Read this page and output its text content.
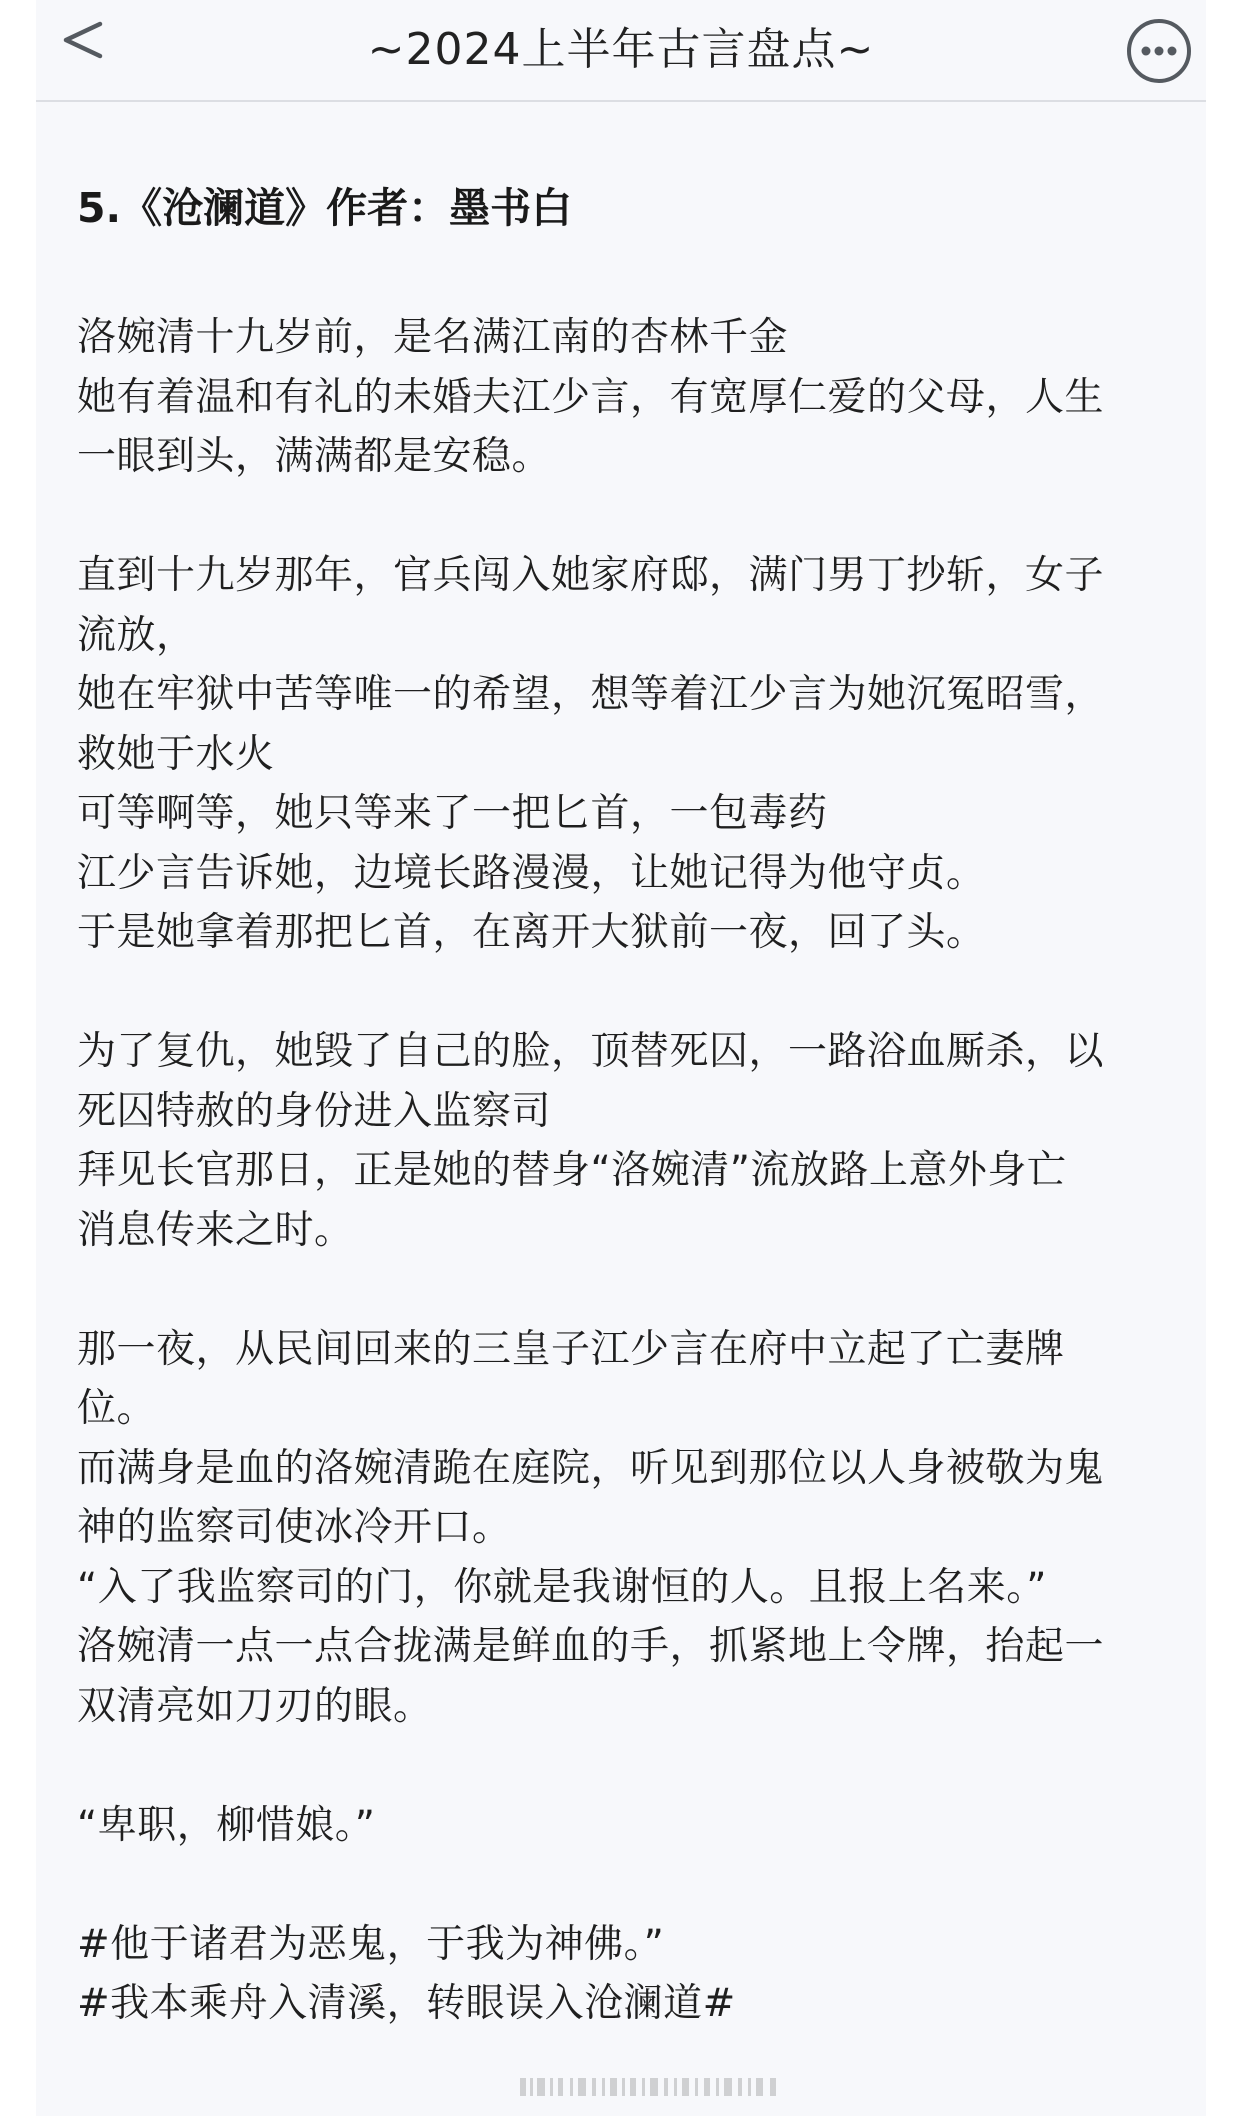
~2024上半年古言盘点~
5.《沧澜道》作者：墨书白
洛婉清十九岁前，是名满江南的杏林千金
她有着温和有礼的未婚夫江少言，有宽厚仁爱的父母，人生
一眼到头，满满都是安稳。
直到十九岁那年，官兵闯入她家府邸，满门男丁抄斩，女子
流放，
她在牢狱中苦等唯一的希望，想等着江少言为她沉冤昭雪，
救她于水火
可等啊等，她只等来了一把匕首，一包毒药
江少言告诉她，边境长路漫漫，让她记得为他守贞。
于是她拿着那把匕首，在离开大狱前一夜，回了头。
为了复仇，她毁了自己的脸，顶替死囚，一路浴血厮杀，以
死囚特赦的身份进入监察司
拜见长官那日，正是她的替身“洛婉清”流放路上意外身亡
消息传来之时。
那一夜，从民间回来的三皇子江少言在府中立起了亡妻牌
位。
而满身是血的洛婉清跪在庭院，听见到那位以人身被敬为鬼
神的监察司使冰冷开口。
“入了我监察司的门，你就是我谢恒的人。且报上名来。”
洛婉清一点一点合拢满是鲜血的手，抓紧地上令牌，抬起一
双清亮如刀刃的眼。
“卑职，柳惜娘。”
#他于诸君为恶鬼，于我为神佛。”
#我本乘舟入清溪，转眼误入沧澜道#
